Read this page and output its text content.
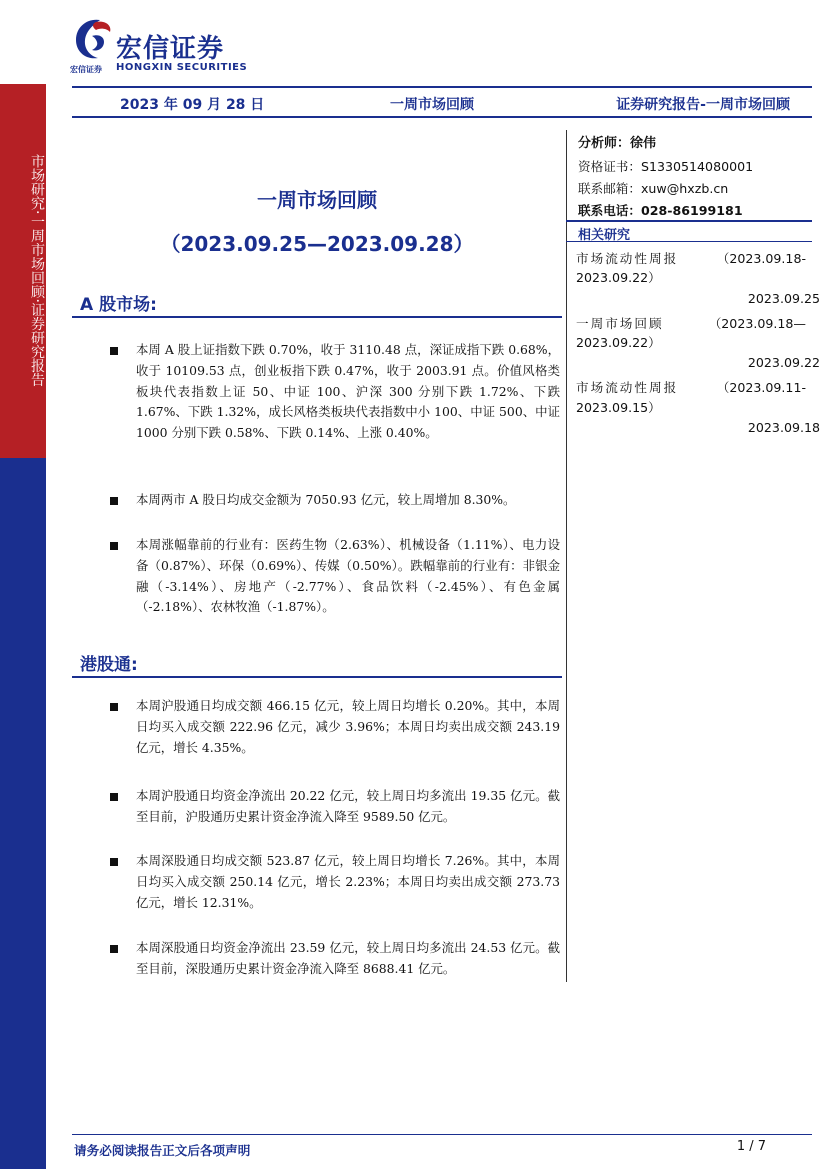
市场研究·一周市场回顾·证券研究报告
宏信证券
宏信证券 HONGXIN SECURITIES
2023 年 09 月 28 日	一周市场回顾	证券研究报告-一周市场回顾
一周市场回顾
（2023.09.25—2023.09.28）
A 股市场:
本周 A 股上证指数下跌 0.70%，收于 3110.48 点，深证成指下跌 0.68%，收于 10109.53 点，创业板指下跌 0.47%，收于 2003.91 点。价值风格类板块代表指数上证 50、中证 100、沪深 300 分别下跌 1.72%、下跌 1.67%、下跌 1.32%，成长风格类板块代表指数中小 100、中证 500、中证 1000 分别下跌 0.58%、下跌 0.14%、上涨 0.40%。
本周两市 A 股日均成交金额为 7050.93 亿元，较上周增加 8.30%。
本周涨幅靠前的行业有：医药生物（2.63%）、机械设备（1.11%）、电力设备（0.87%）、环保（0.69%）、传媒（0.50%）。跌幅靠前的行业有：非银金融（-3.14%）、房地产（-2.77%）、食品饮料（-2.45%）、有色金属（-2.18%）、农林牧渔（-1.87%）。
港股通:
本周沪股通日均成交额 466.15 亿元，较上周日均增长 0.20%。其中，本周日均买入成交额 222.96 亿元，减少 3.96%；本周日均卖出成交额 243.19 亿元，增长 4.35%。
本周沪股通日均资金净流出 20.22 亿元，较上周日均多流出 19.35 亿元。截至目前，沪股通历史累计资金净流入降至 9589.50 亿元。
本周深股通日均成交额 523.87 亿元，较上周日均增长 7.26%。其中，本周日均买入成交额 250.14 亿元，增长 2.23%；本周日均卖出成交额 273.73 亿元，增长 12.31%。
本周深股通日均资金净流出 23.59 亿元，较上周日均多流出 24.53 亿元。截至目前，深股通历史累计资金净流入降至 8688.41 亿元。
分析师：徐伟
资格证书：S1330514080001
联系邮箱：xuw@hxzb.cn
联系电话：028-86199181
相关研究
市场流动性周报	（2023.09.18-
2023.09.22）
2023.09.25
一周市场回顾	（2023.09.18—
2023.09.22）
2023.09.22
市场流动性周报	（2023.09.11-
2023.09.15）
2023.09.18
请务必阅读报告正文后各项声明	1 / 7
